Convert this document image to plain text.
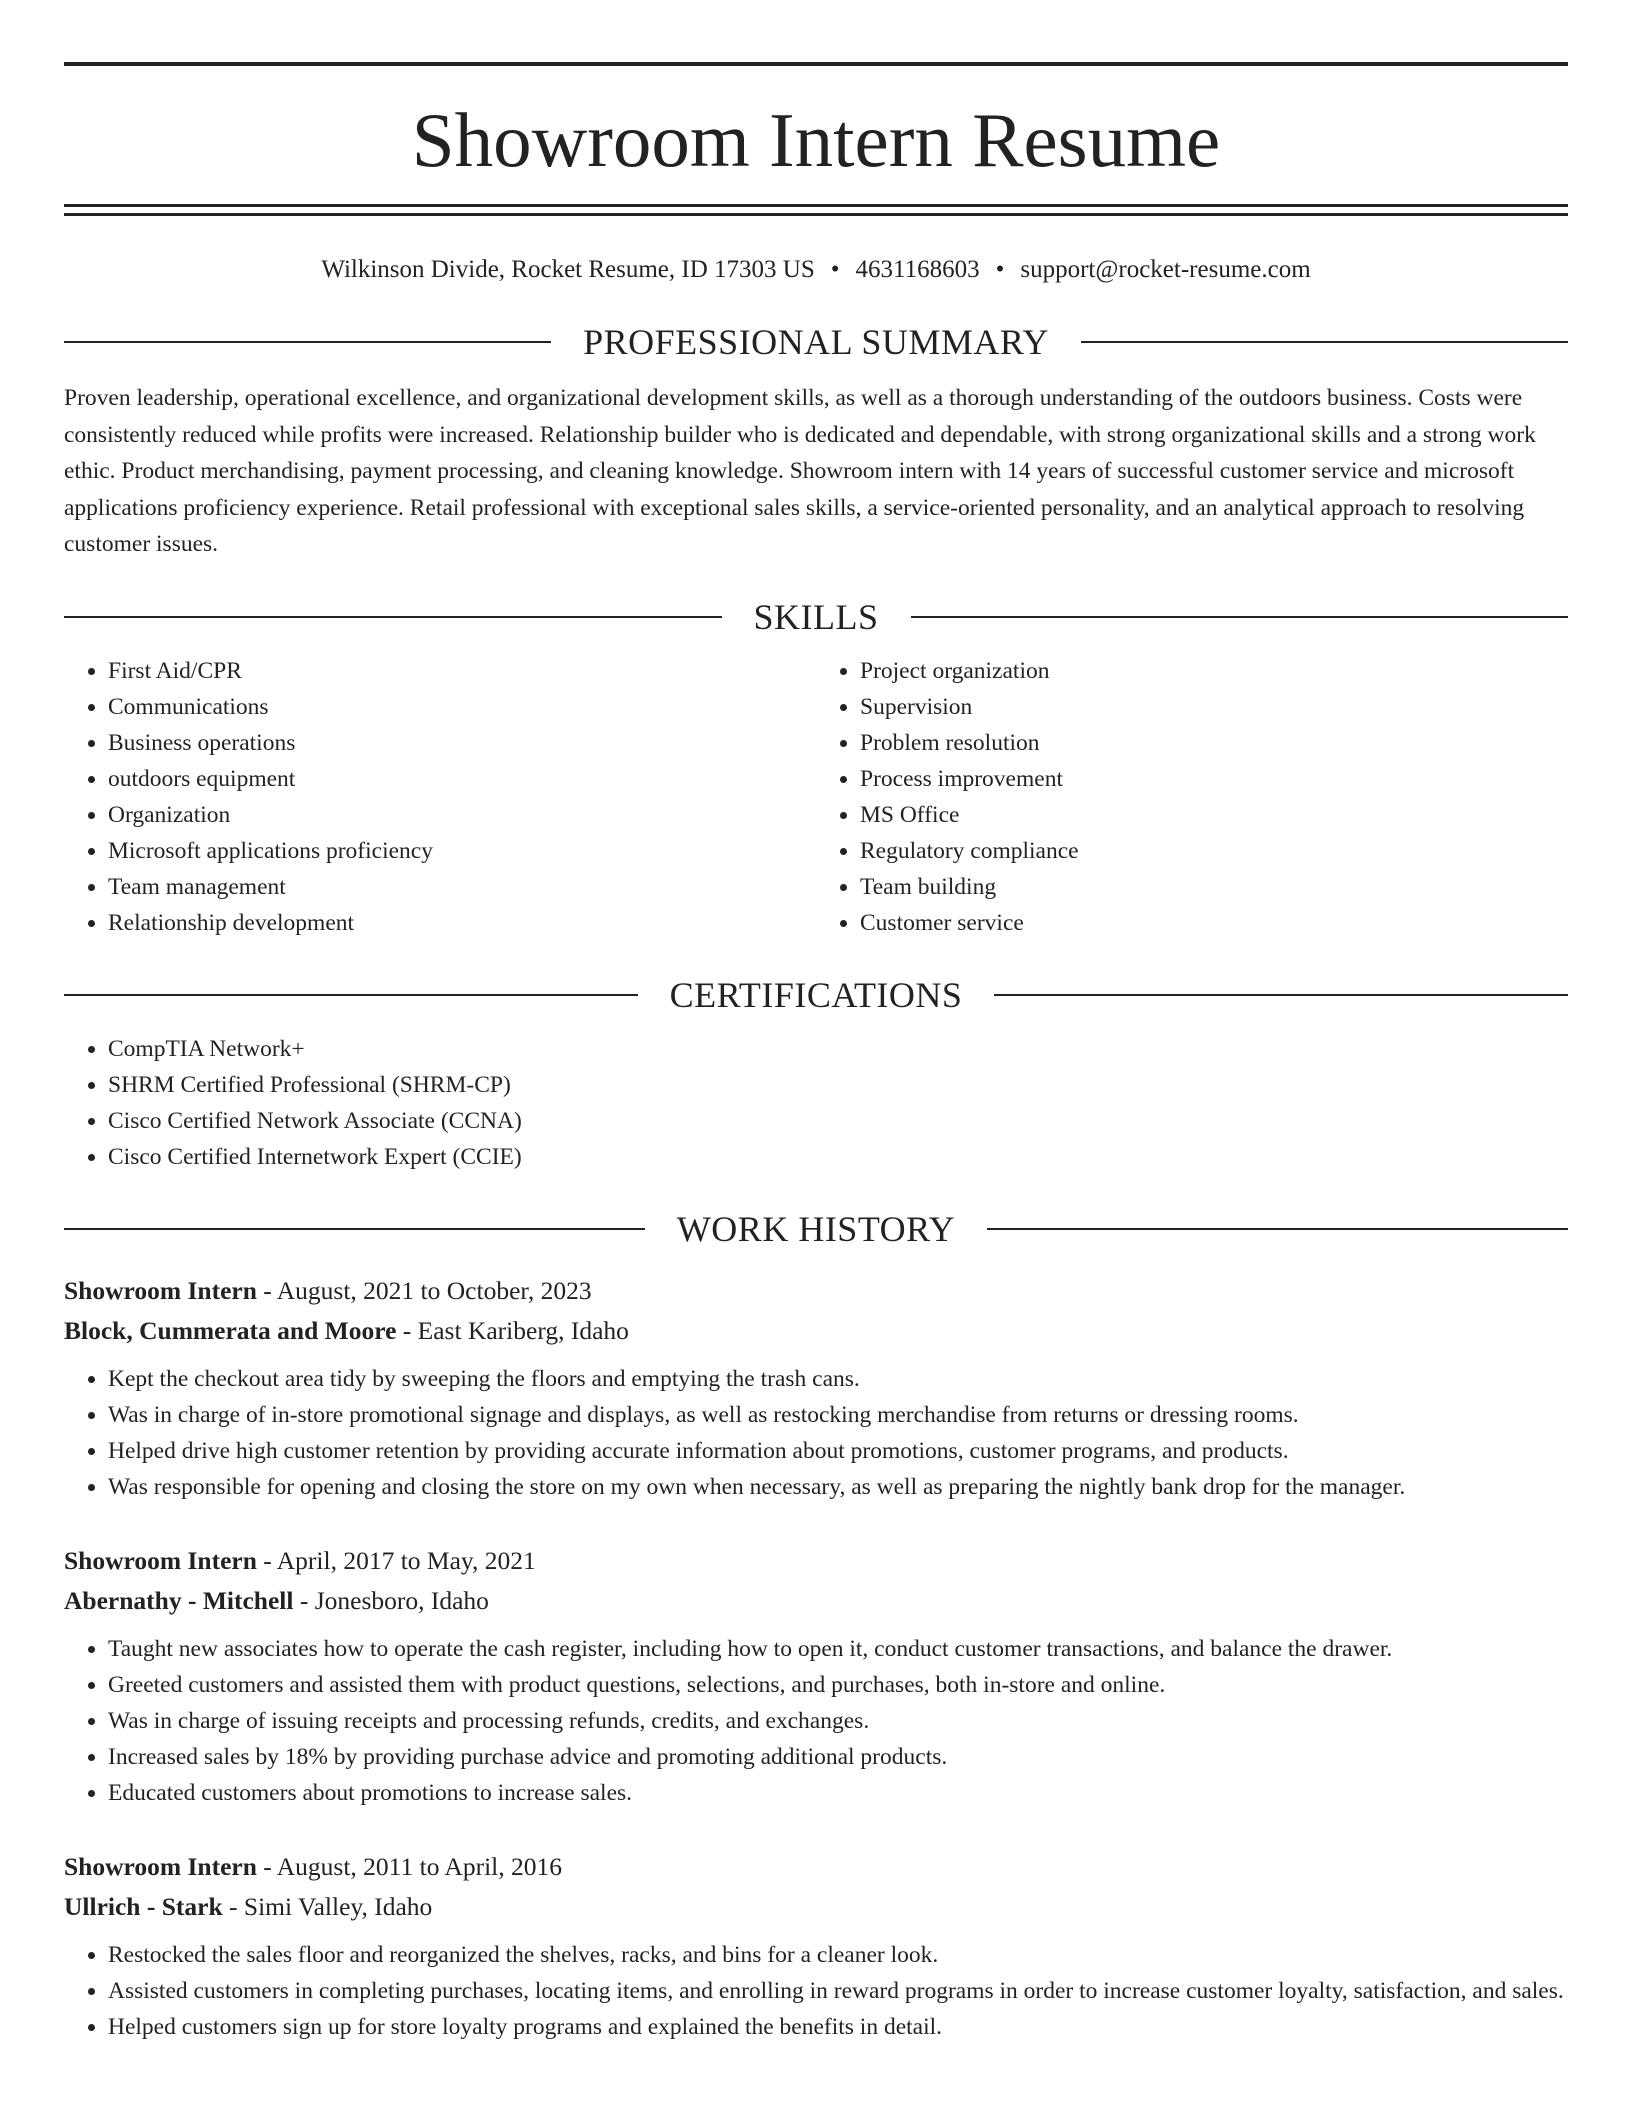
Showroom Intern Resume
Wilkinson Divide, Rocket Resume, ID 17303 US • 4631168603 • support@rocket-resume.com
PROFESSIONAL SUMMARY
Proven leadership, operational excellence, and organizational development skills, as well as a thorough understanding of the outdoors business. Costs were consistently reduced while profits were increased. Relationship builder who is dedicated and dependable, with strong organizational skills and a strong work ethic. Product merchandising, payment processing, and cleaning knowledge. Showroom intern with 14 years of successful customer service and microsoft applications proficiency experience. Retail professional with exceptional sales skills, a service-oriented personality, and an analytical approach to resolving customer issues.
SKILLS
• First Aid/CPR
• Communications
• Business operations
• outdoors equipment
• Organization
• Microsoft applications proficiency
• Team management
• Relationship development
• Project organization
• Supervision
• Problem resolution
• Process improvement
• MS Office
• Regulatory compliance
• Team building
• Customer service
CERTIFICATIONS
• CompTIA Network+
• SHRM Certified Professional (SHRM-CP)
• Cisco Certified Network Associate (CCNA)
• Cisco Certified Internetwork Expert (CCIE)
WORK HISTORY
Showroom Intern - August, 2021 to October, 2023
Block, Cummerata and Moore - East Kariberg, Idaho
• Kept the checkout area tidy by sweeping the floors and emptying the trash cans.
• Was in charge of in-store promotional signage and displays, as well as restocking merchandise from returns or dressing rooms.
• Helped drive high customer retention by providing accurate information about promotions, customer programs, and products.
• Was responsible for opening and closing the store on my own when necessary, as well as preparing the nightly bank drop for the manager.
Showroom Intern - April, 2017 to May, 2021
Abernathy - Mitchell - Jonesboro, Idaho
• Taught new associates how to operate the cash register, including how to open it, conduct customer transactions, and balance the drawer.
• Greeted customers and assisted them with product questions, selections, and purchases, both in-store and online.
• Was in charge of issuing receipts and processing refunds, credits, and exchanges.
• Increased sales by 18% by providing purchase advice and promoting additional products.
• Educated customers about promotions to increase sales.
Showroom Intern - August, 2011 to April, 2016
Ullrich - Stark - Simi Valley, Idaho
• Restocked the sales floor and reorganized the shelves, racks, and bins for a cleaner look.
• Assisted customers in completing purchases, locating items, and enrolling in reward programs in order to increase customer loyalty, satisfaction, and sales.
• Helped customers sign up for store loyalty programs and explained the benefits in detail.
